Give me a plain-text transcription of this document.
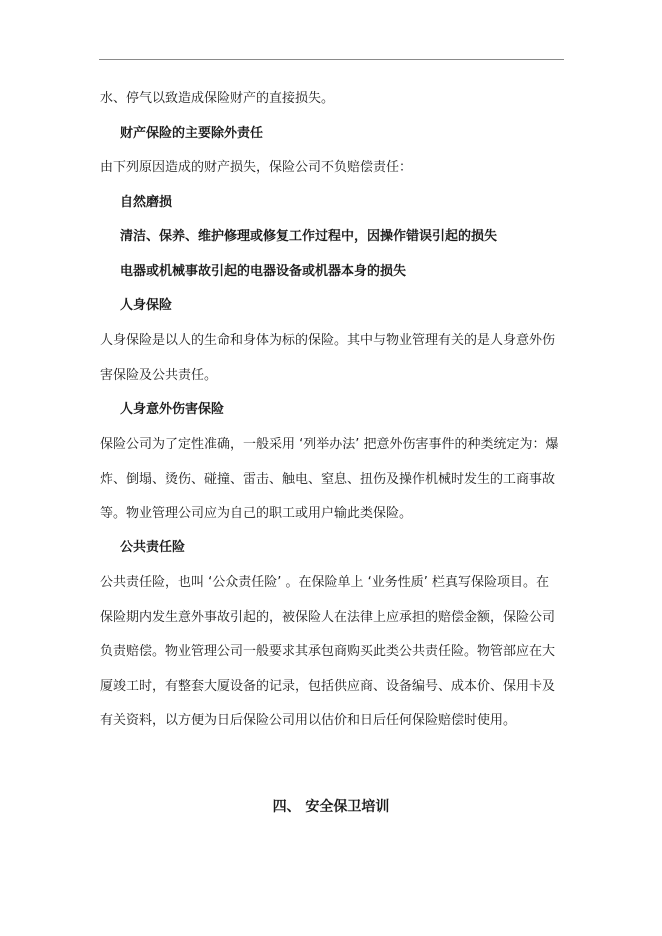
水、停气以致造成保险财产的直接损失。

财产保险的主要除外责任

由下列原因造成的财产损失，保险公司不负赔偿责任：

自然磨损

清洁、保养、维护修理或修复工作过程中，因操作错误引起的损失

电器或机械事故引起的电器设备或机器本身的损失

人身保险

人身保险是以人的生命和身体为标的保险。其中与物业管理有关的是人身意外伤害保险及公共责任。

人身意外伤害保险

保险公司为了定性准确，一般采用 ‘列举办法’ 把意外伤害事件的种类统定为：爆炸、倒塌、烫伤、碰撞、雷击、触电、窒息、扭伤及操作机械时发生的工商事故等。物业管理公司应为自己的职工或用户输此类保险。

公共责任险

公共责任险，也叫 ‘公众责任险’ 。在保险单上 ‘业务性质’ 栏真写保险项目。在保险期内发生意外事故引起的，被保险人在法律上应承担的赔偿金额，保险公司负责赔偿。物业管理公司一般要求其承包商购买此类公共责任险。物管部应在大厦竣工时，有整套大厦设备的记录，包括供应商、设备编号、成本价、保用卡及有关资料，以方便为日后保险公司用以估价和日后任何保险赔偿时使用。

四、 安全保卫培训
